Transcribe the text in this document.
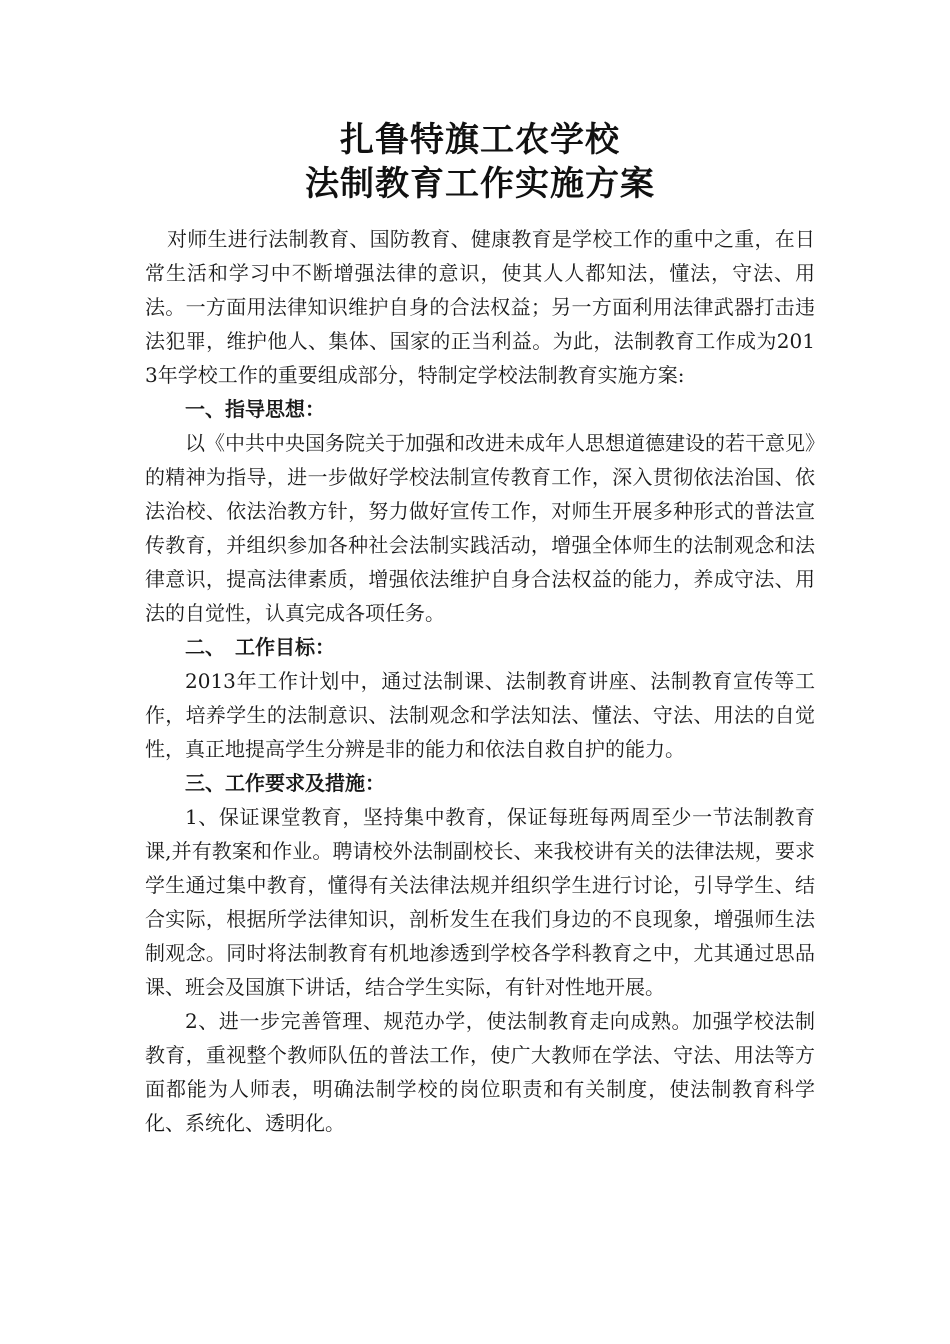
扎鲁特旗工农学校

法制教育工作实施方案

对师生进行法制教育、国防教育、健康教育是学校工作的重中之重，在日常生活和学习中不断增强法律的意识，使其人人都知法，懂法，守法、用法。一方面用法律知识维护自身的合法权益；另一方面利用法律武器打击违法犯罪，维护他人、集体、国家的正当利益。为此，法制教育工作成为2013年学校工作的重要组成部分，特制定学校法制教育实施方案:

一、指导思想：

以《中共中央国务院关于加强和改进未成年人思想道德建设的若干意见》的精神为指导，进一步做好学校法制宣传教育工作，深入贯彻依法治国、依法治校、依法治教方针，努力做好宣传工作，对师生开展多种形式的普法宣传教育，并组织参加各种社会法制实践活动，增强全体师生的法制观念和法律意识，提高法律素质，增强依法维护自身合法权益的能力，养成守法、用法的自觉性，认真完成各项任务。

二、　工作目标：

2013年工作计划中，通过法制课、法制教育讲座、法制教育宣传等工作，培养学生的法制意识、法制观念和学法知法、懂法、守法、用法的自觉性，真正地提高学生分辨是非的能力和依法自救自护的能力。

三、工作要求及措施：

1、保证课堂教育，坚持集中教育，保证每班每两周至少一节法制教育课,并有教案和作业。聘请校外法制副校长、来我校讲有关的法律法规，要求学生通过集中教育，懂得有关法律法规并组织学生进行讨论，引导学生、结合实际，根据所学法律知识，剖析发生在我们身边的不良现象，增强师生法制观念。同时将法制教育有机地渗透到学校各学科教育之中，尤其通过思品课、班会及国旗下讲话，结合学生实际，有针对性地开展。

2、进一步完善管理、规范办学，使法制教育走向成熟。加强学校法制教育，重视整个教师队伍的普法工作，使广大教师在学法、守法、用法等方面都能为人师表，明确法制学校的岗位职责和有关制度，使法制教育科学化、系统化、透明化。
